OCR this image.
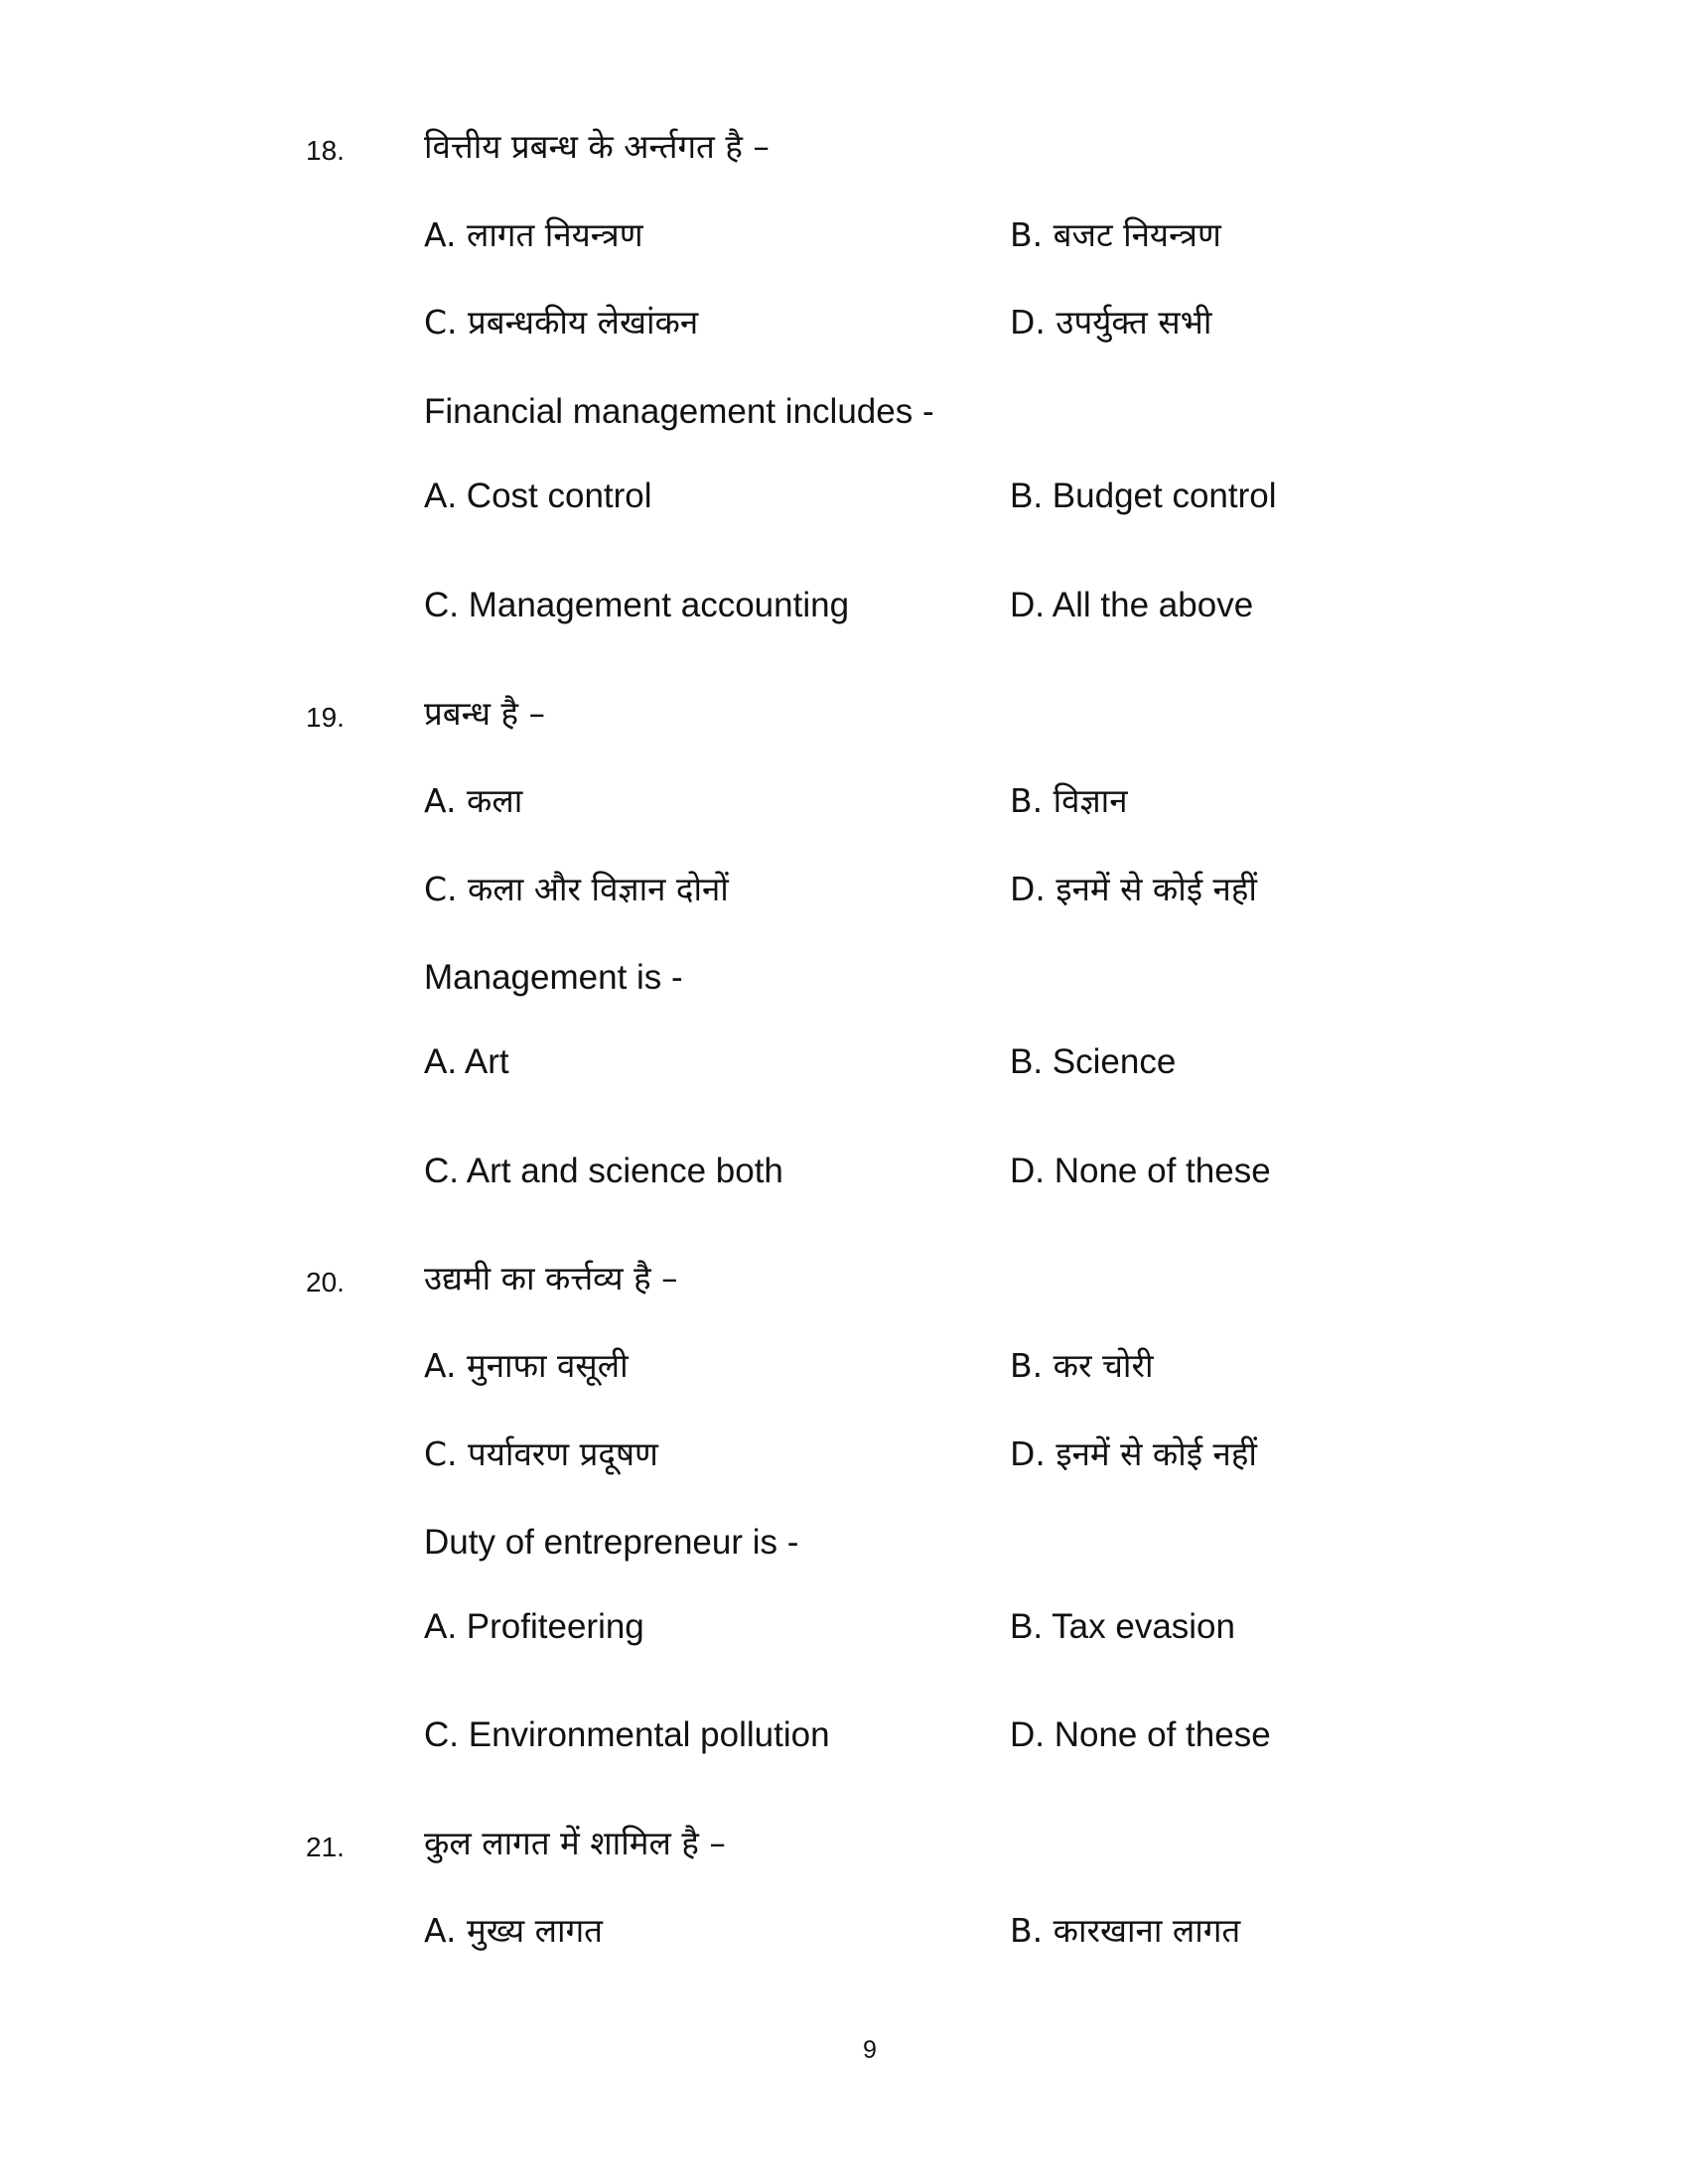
18. वित्तीय प्रबन्ध के अर्न्तगत है –
A. लागत नियन्त्रण	B. बजट नियन्त्रण
C. प्रबन्धकीय लेखांकन	D. उपर्युक्त सभी
Financial management includes -
A. Cost control	B. Budget control
C. Management accounting	D. All the above
19. प्रबन्ध है –
A. कला	B. विज्ञान
C. कला और विज्ञान दोनों	D. इनमें से कोई नहीं
Management is -
A. Art	B. Science
C. Art and science both	D. None of these
20. उद्यमी का कर्त्तव्य है –
A. मुनाफा वसूली	B. कर चोरी
C. पर्यावरण प्रदूषण	D. इनमें से कोई नहीं
Duty of entrepreneur is -
A. Profiteering	B. Tax evasion
C. Environmental pollution	D. None of these
21. कुल लागत में शामिल है –
A. मुख्य लागत	B. कारखाना लागत
9
